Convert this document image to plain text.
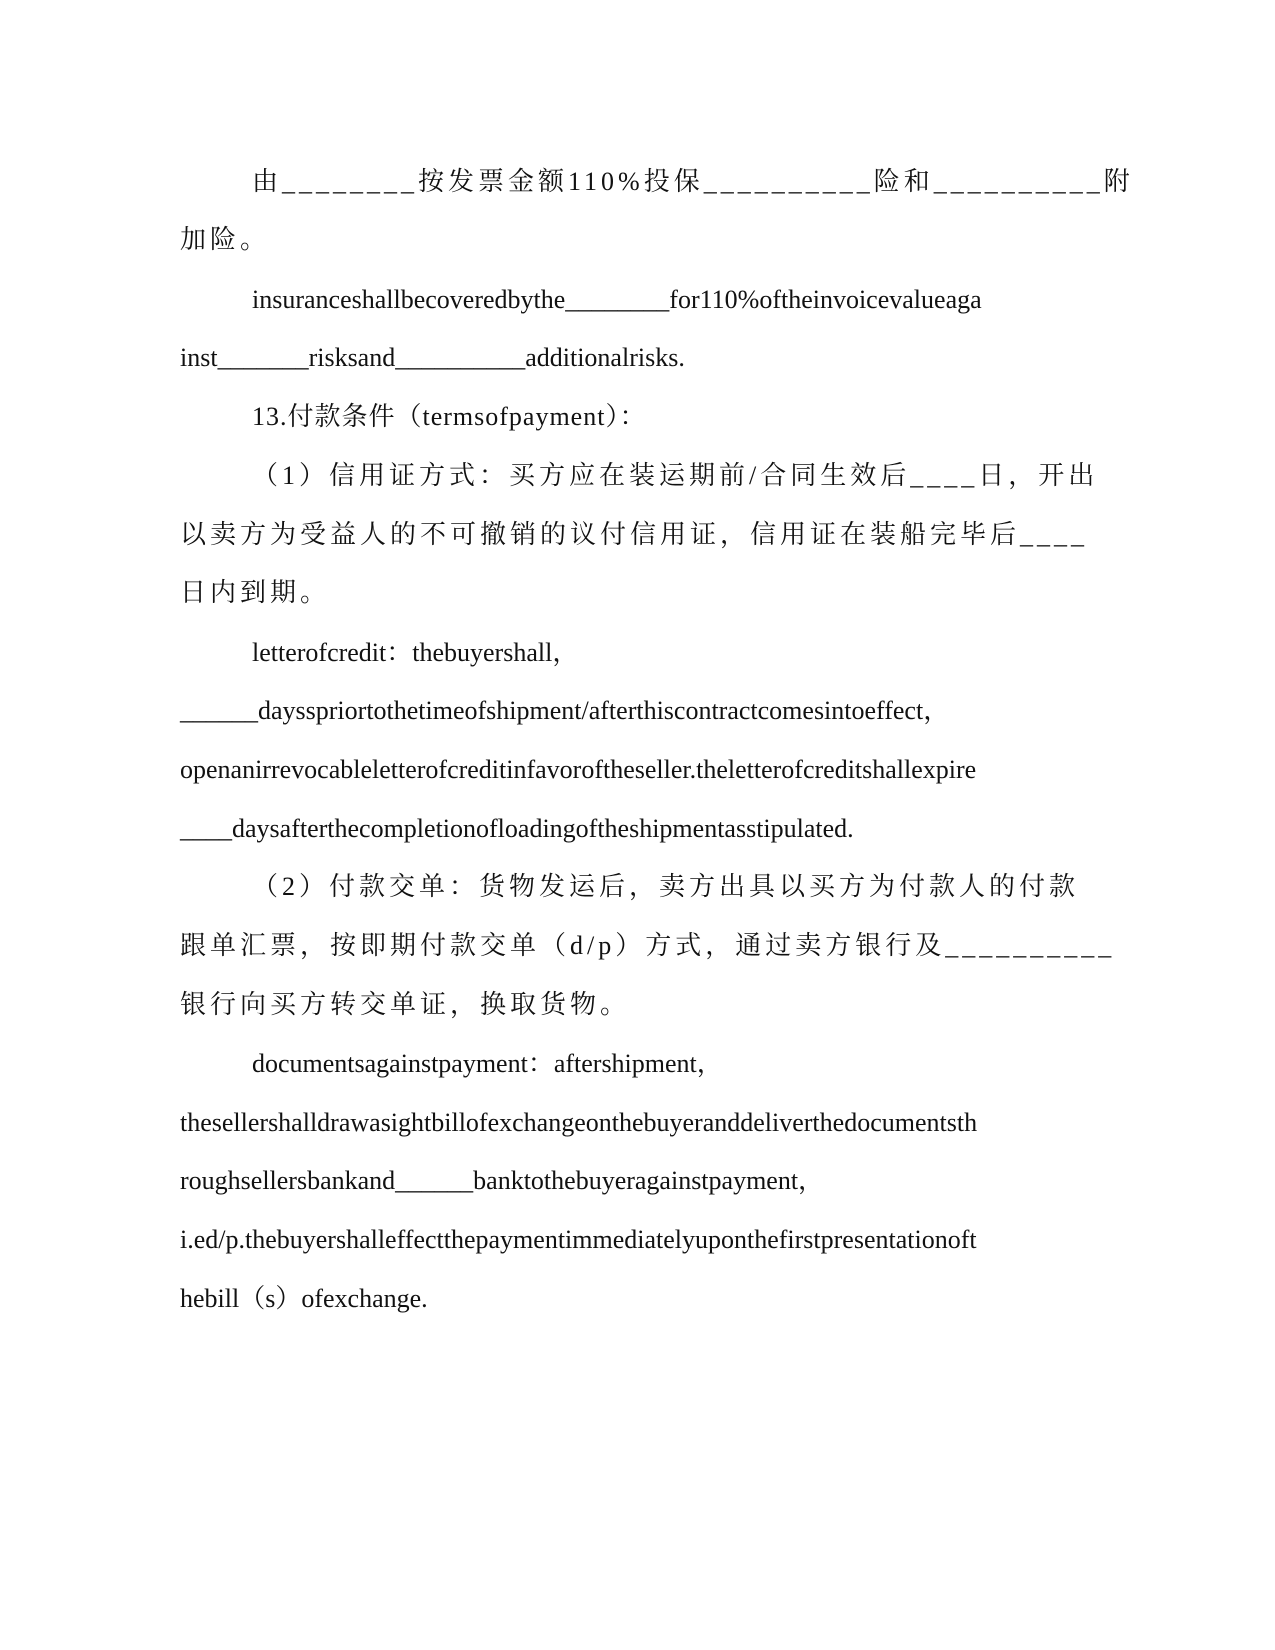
由________按发票金额110%投保__________险和__________附
加险。
insuranceshallbecoveredbythe________for110%oftheinvoicevalueaga
inst_______risksand__________additionalrisks.
13.付款条件（termsofpayment）：
（1）信用证方式：买方应在装运期前/合同生效后____日，开出
以卖方为受益人的不可撤销的议付信用证，信用证在装船完毕后____
日内到期。
letterofcredit：thebuyershall，
______daysspriortothetimeofshipment/afterthiscontractcomesintoeffect，
openanirrevocableletterofcreditinfavoroftheseller.theletterofcreditshallexpire
____daysafterthecompletionofloadingoftheshipmentasstipulated.
（2）付款交单：货物发运后，卖方出具以买方为付款人的付款
跟单汇票，按即期付款交单（d/p）方式，通过卖方银行及__________
银行向买方转交单证，换取货物。
documentsagainstpayment：aftershipment，
thesellershalldrawasightbillofexchangeonthebuyeranddeliverthedocumentsth
roughsellersbankand______banktothebuyeragainstpayment，
i.ed/p.thebuyershalleffectthepaymentimmediatelyuponthefirstpresentationoft
hebill（s）ofexchange.
